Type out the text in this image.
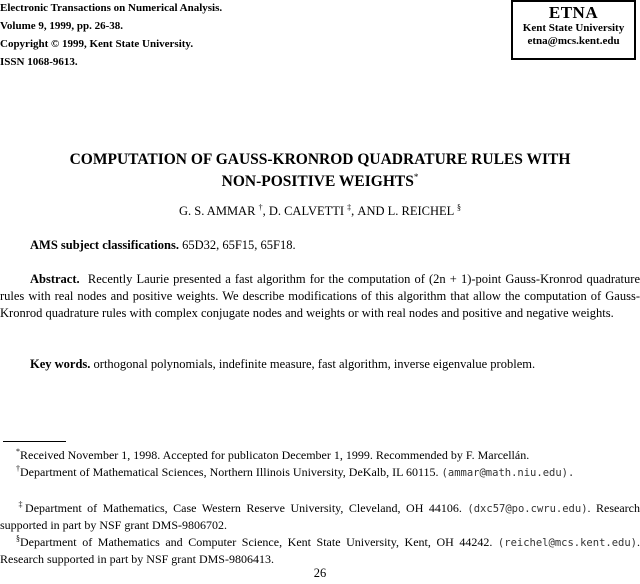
Electronic Transactions on Numerical Analysis.
Volume 9, 1999, pp. 26-38.
Copyright © 1999, Kent State University.
ISSN 1068-9613.
ETNA
Kent State University
etna@mcs.kent.edu
COMPUTATION OF GAUSS-KRONROD QUADRATURE RULES WITH
NON-POSITIVE WEIGHTS*
G. S. AMMAR †, D. CALVETTI ‡, AND L. REICHEL §
AMS subject classifications. 65D32, 65F15, 65F18.
Abstract. Recently Laurie presented a fast algorithm for the computation of (2n + 1)-point Gauss-Kronrod quadrature rules with real nodes and positive weights. We describe modifications of this algorithm that allow the computation of Gauss-Kronrod quadrature rules with complex conjugate nodes and weights or with real nodes and positive and negative weights.
Key words. orthogonal polynomials, indefinite measure, fast algorithm, inverse eigenvalue problem.
*Received November 1, 1998. Accepted for publicaton December 1, 1999. Recommended by F. Marcellán.
†Department of Mathematical Sciences, Northern Illinois University, DeKalb, IL 60115. (ammar@math.niu.edu).
‡Department of Mathematics, Case Western Reserve University, Cleveland, OH 44106. (dxc57@po.cwru.edu). Research supported in part by NSF grant DMS-9806702.
§Department of Mathematics and Computer Science, Kent State University, Kent, OH 44242. (reichel@mcs.kent.edu). Research supported in part by NSF grant DMS-9806413.
26
